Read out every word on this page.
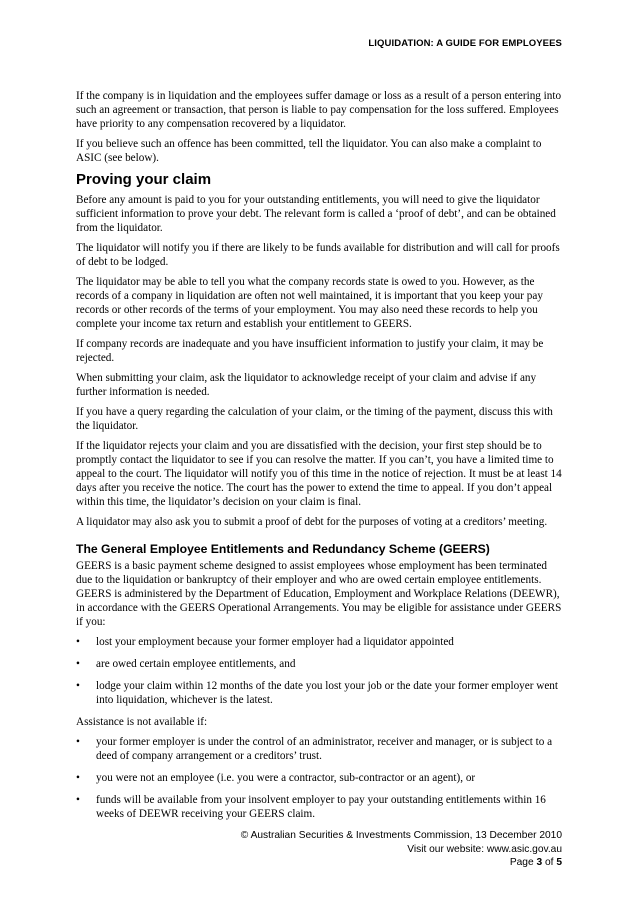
LIQUIDATION: A GUIDE FOR EMPLOYEES

If the company is in liquidation and the employees suffer damage or loss as a result of a person entering into such an agreement or transaction, that person is liable to pay compensation for the loss suffered. Employees have priority to any compensation recovered by a liquidator.

If you believe such an offence has been committed, tell the liquidator. You can also make a complaint to ASIC (see below).

Proving your claim

Before any amount is paid to you for your outstanding entitlements, you will need to give the liquidator sufficient information to prove your debt. The relevant form is called a ‘proof of debt’, and can be obtained from the liquidator.

The liquidator will notify you if there are likely to be funds available for distribution and will call for proofs of debt to be lodged.

The liquidator may be able to tell you what the company records state is owed to you. However, as the records of a company in liquidation are often not well maintained, it is important that you keep your pay records or other records of the terms of your employment. You may also need these records to help you complete your income tax return and establish your entitlement to GEERS.

If company records are inadequate and you have insufficient information to justify your claim, it may be rejected.

When submitting your claim, ask the liquidator to acknowledge receipt of your claim and advise if any further information is needed.

If you have a query regarding the calculation of your claim, or the timing of the payment, discuss this with the liquidator.

If the liquidator rejects your claim and you are dissatisfied with the decision, your first step should be to promptly contact the liquidator to see if you can resolve the matter. If you can’t, you have a limited time to appeal to the court. The liquidator will notify you of this time in the notice of rejection. It must be at least 14 days after you receive the notice. The court has the power to extend the time to appeal. If you don’t appeal within this time, the liquidator’s decision on your claim is final.

A liquidator may also ask you to submit a proof of debt for the purposes of voting at a creditors’ meeting.

The General Employee Entitlements and Redundancy Scheme (GEERS)

GEERS is a basic payment scheme designed to assist employees whose employment has been terminated due to the liquidation or bankruptcy of their employer and who are owed certain employee entitlements. GEERS is administered by the Department of Education, Employment and Workplace Relations (DEEWR), in accordance with the GEERS Operational Arrangements. You may be eligible for assistance under GEERS if you:

• lost your employment because your former employer had a liquidator appointed
• are owed certain employee entitlements, and
• lodge your claim within 12 months of the date you lost your job or the date your former employer went into liquidation, whichever is the latest.

Assistance is not available if:

• your former employer is under the control of an administrator, receiver and manager, or is subject to a deed of company arrangement or a creditors’ trust.
• you were not an employee (i.e. you were a contractor, sub-contractor or an agent), or
• funds will be available from your insolvent employer to pay your outstanding entitlements within 16 weeks of DEEWR receiving your GEERS claim.
© Australian Securities & Investments Commission, 13 December 2010
Visit our website: www.asic.gov.au
Page 3 of 5
